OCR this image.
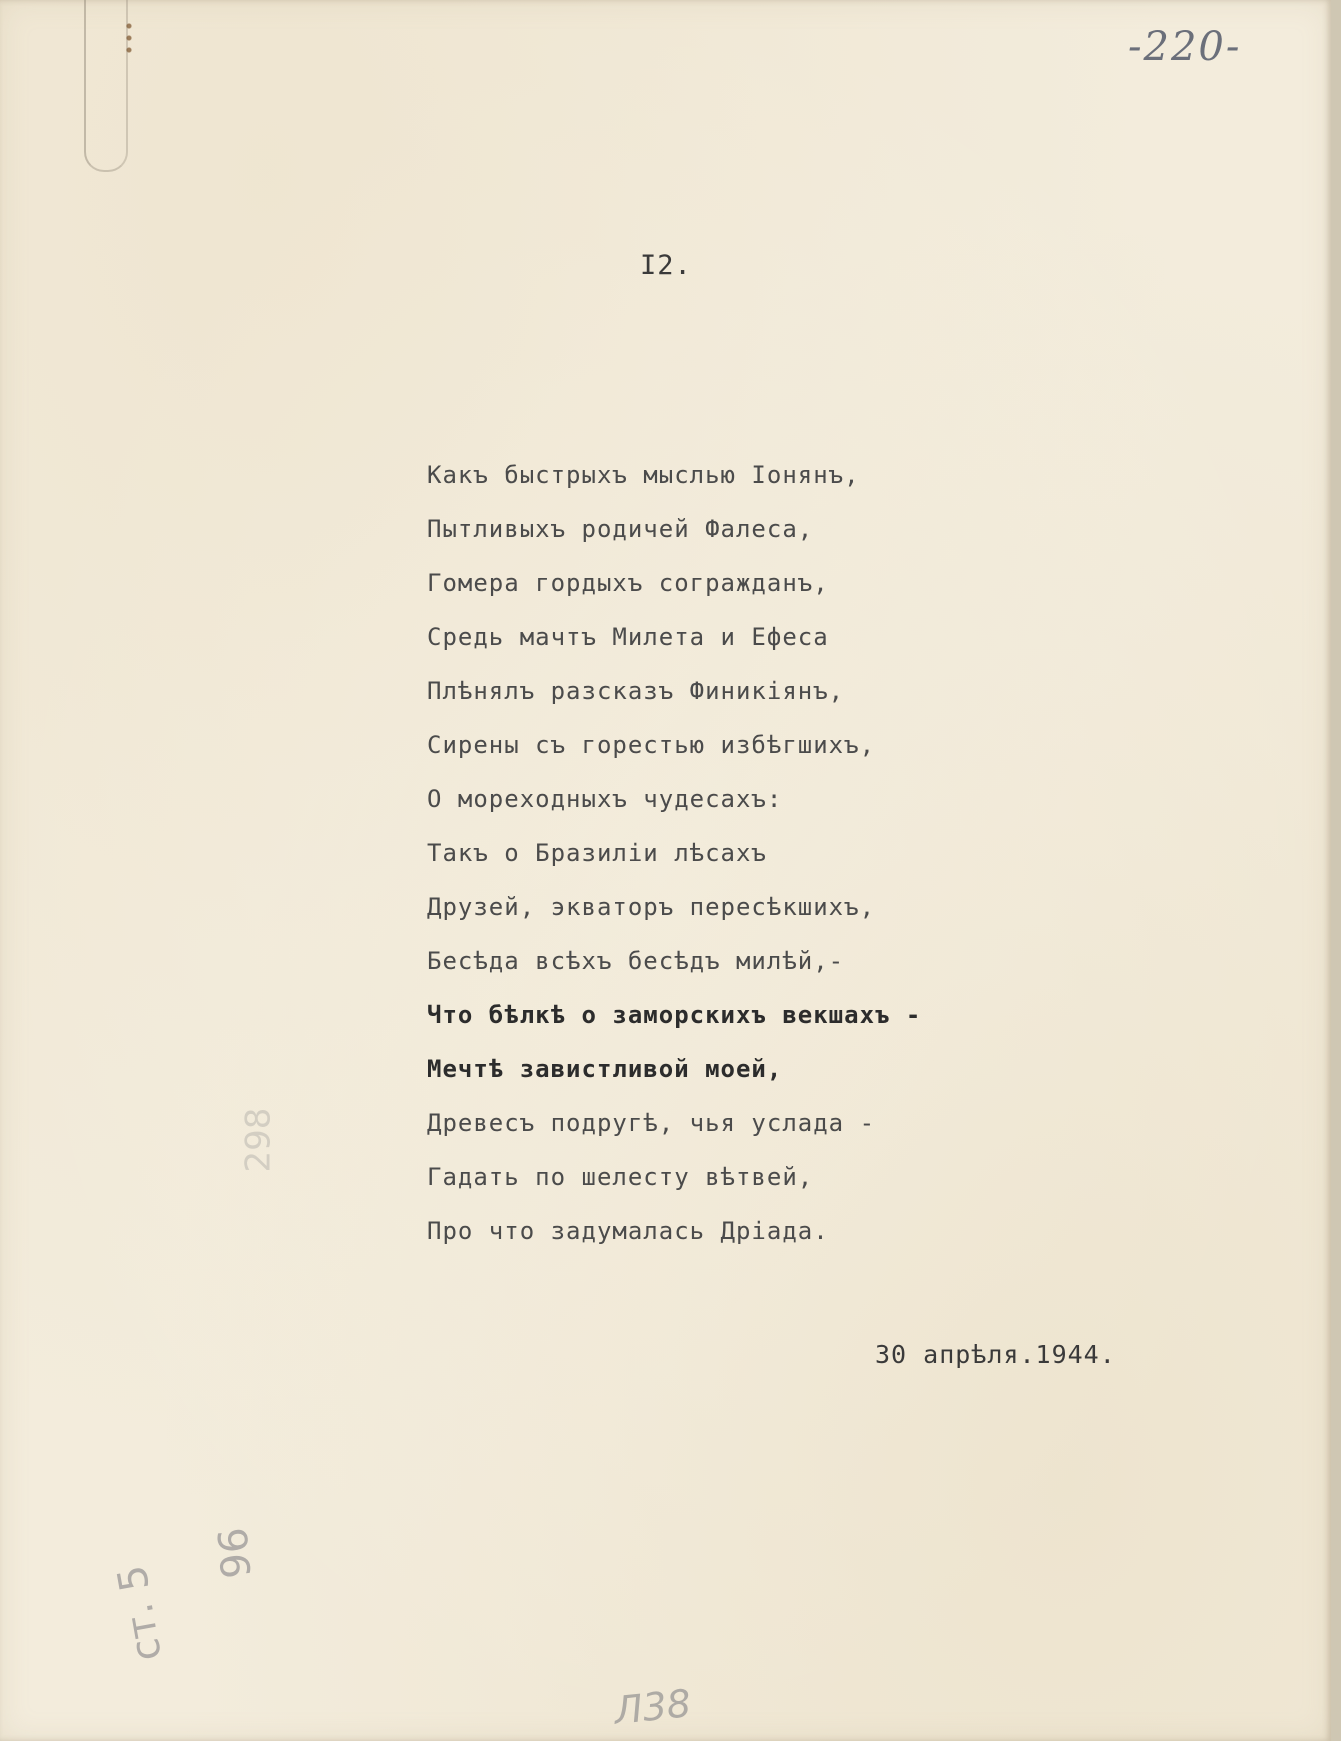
-220-

I2.

Какъ быстрыхъ мыслью Іонянъ,
Пытливыхъ родичей Фалеса,
Гомера гордыхъ согражданъ,
Средь мачтъ Милета и Ефеса
Плѣнялъ разсказъ Финикіянъ,
Сирены съ горестью избѣгшихъ,
О мореходныхъ чудесахъ:
Такъ о Бразиліи лѣсахъ
Друзей, экваторъ пересѣкшихъ,
Бесѣда всѣхъ бесѣдъ милѣй,-
Что бѣлкѣ о заморскихъ векшахъ -
Мечтѣ завистливой моей,
Древесъ подругѣ, чья услада -
Гадать по шелесту вѣтвей,
Про что задумалась Дріада.

30 апрѣля.1944.

298
96
ст. 5
Л38
